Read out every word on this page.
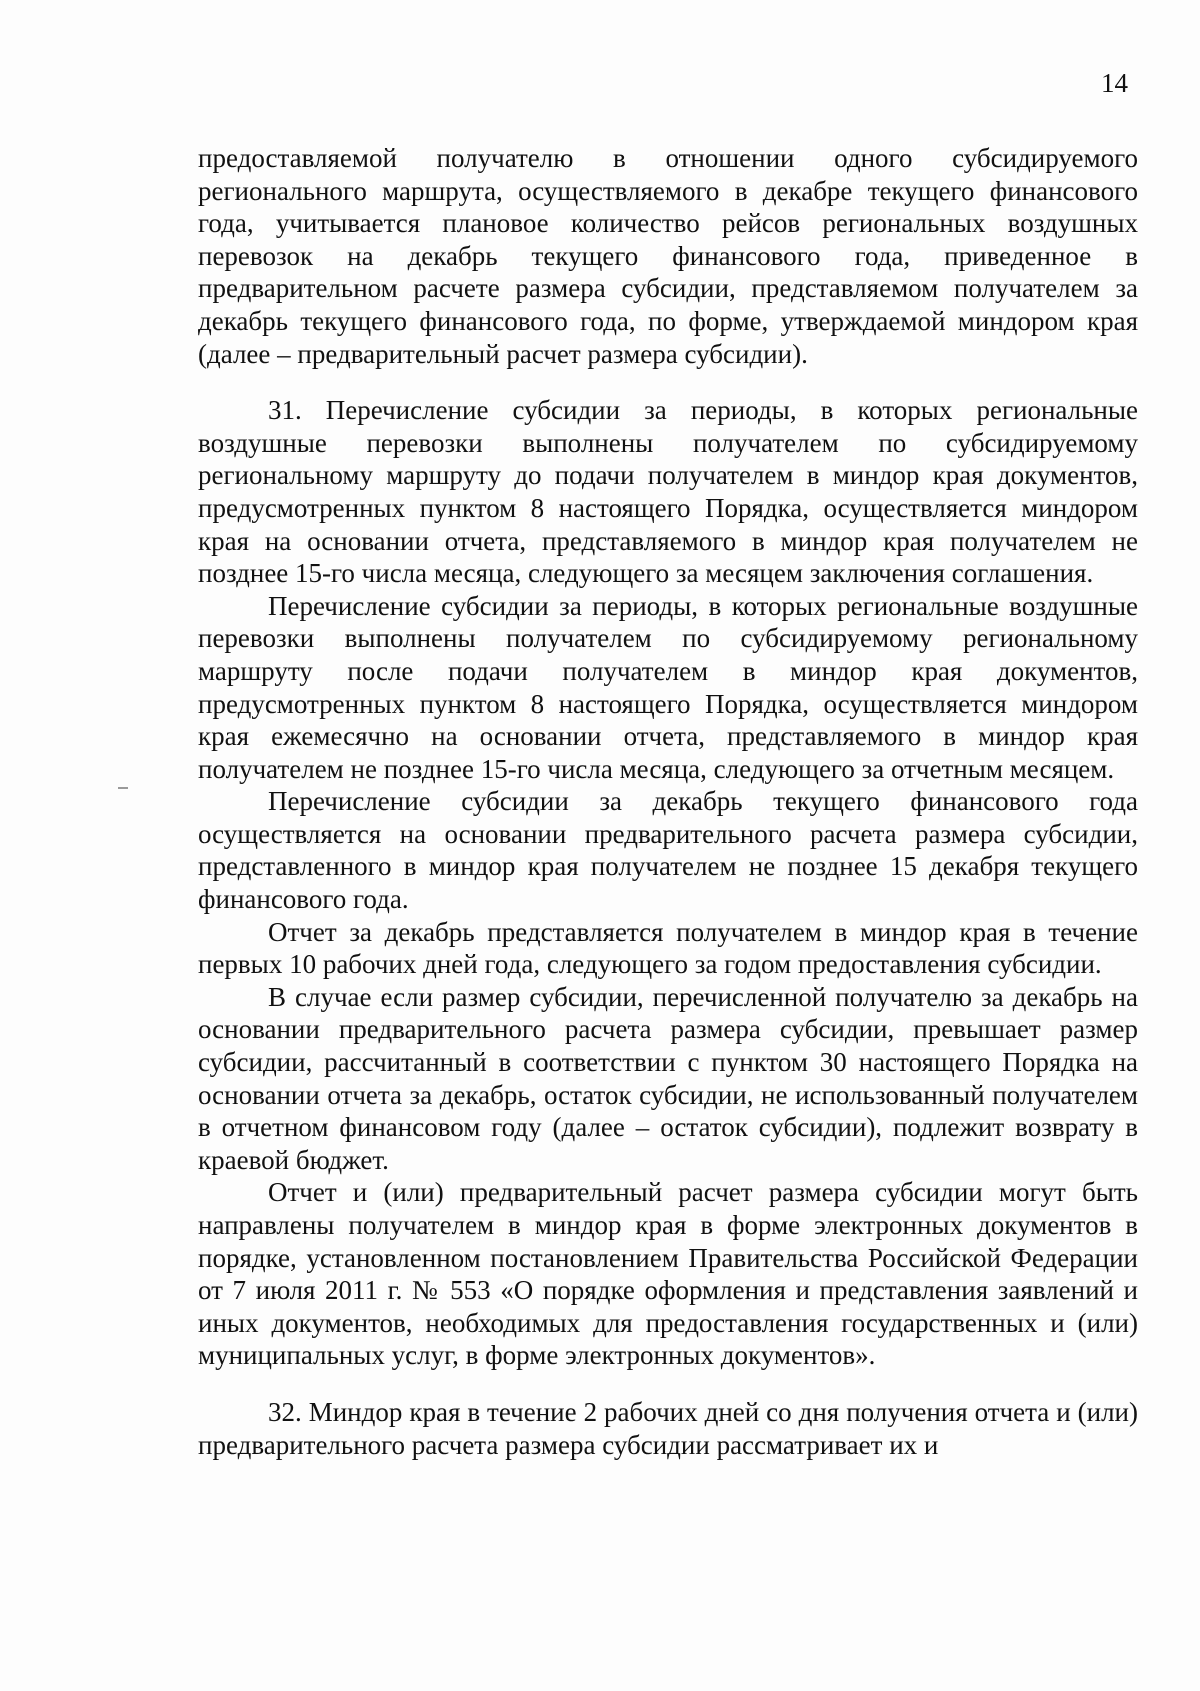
14

предоставляемой получателю в отношении одного субсидируемого регионального маршрута, осуществляемого в декабре текущего финансового года, учитывается плановое количество рейсов региональных воздушных перевозок на декабрь текущего финансового года, приведенное в предварительном расчете размера субсидии, представляемом получателем за декабрь текущего финансового года, по форме, утверждаемой миндором края (далее – предварительный расчет размера субсидии).

31. Перечисление субсидии за периоды, в которых региональные воздушные перевозки выполнены получателем по субсидируемому региональному маршруту до подачи получателем в миндор края документов, предусмотренных пунктом 8 настоящего Порядка, осуществляется миндором края на основании отчета, представляемого в миндор края получателем не позднее 15-го числа месяца, следующего за месяцем заключения соглашения.

Перечисление субсидии за периоды, в которых региональные воздушные перевозки выполнены получателем по субсидируемому региональному маршруту после подачи получателем в миндор края документов, предусмотренных пунктом 8 настоящего Порядка, осуществляется миндором края ежемесячно на основании отчета, представляемого в миндор края получателем не позднее 15-го числа месяца, следующего за отчетным месяцем.

Перечисление субсидии за декабрь текущего финансового года осуществляется на основании предварительного расчета размера субсидии, представленного в миндор края получателем не позднее 15 декабря текущего финансового года.

Отчет за декабрь представляется получателем в миндор края в течение первых 10 рабочих дней года, следующего за годом предоставления субсидии.

В случае если размер субсидии, перечисленной получателю за декабрь на основании предварительного расчета размера субсидии, превышает размер субсидии, рассчитанный в соответствии с пунктом 30 настоящего Порядка на основании отчета за декабрь, остаток субсидии, не использованный получателем в отчетном финансовом году (далее – остаток субсидии), подлежит возврату в краевой бюджет.

Отчет и (или) предварительный расчет размера субсидии могут быть направлены получателем в миндор края в форме электронных документов в порядке, установленном постановлением Правительства Российской Федерации от 7 июля 2011 г. № 553 «О порядке оформления и представления заявлений и иных документов, необходимых для предоставления государственных и (или) муниципальных услуг, в форме электронных документов».

32. Миндор края в течение 2 рабочих дней со дня получения отчета и (или) предварительного расчета размера субсидии рассматривает их и
